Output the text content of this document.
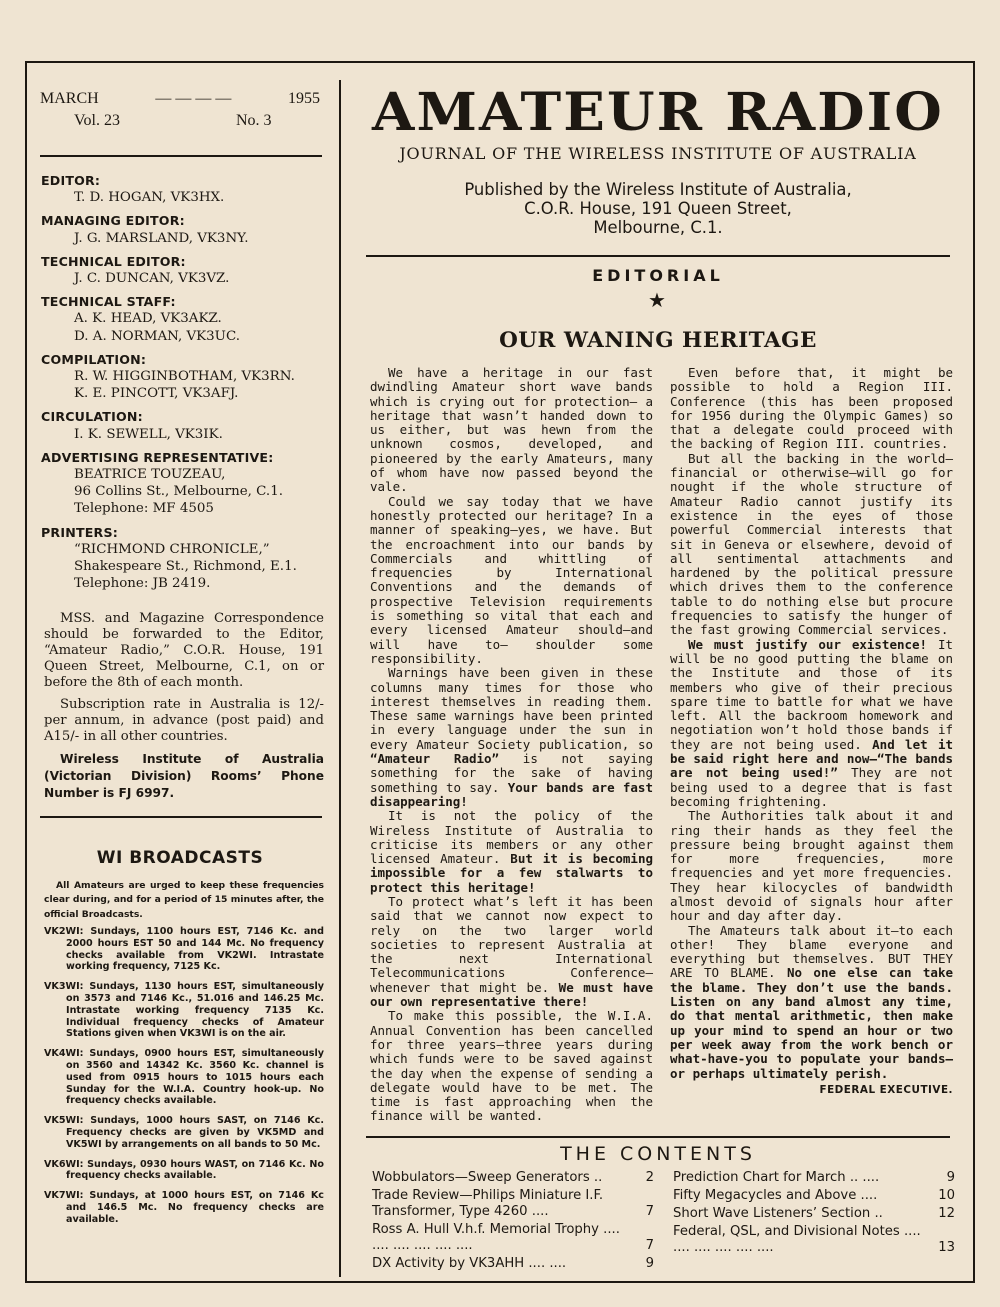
MARCH	— — — —	1955
Vol. 23	No. 3
EDITOR:
T. D. HOGAN, VK3HX.
MANAGING EDITOR:
J. G. MARSLAND, VK3NY.
TECHNICAL EDITOR:
J. C. DUNCAN, VK3VZ.
TECHNICAL STAFF:
A. K. HEAD, VK3AKZ.
D. A. NORMAN, VK3UC.
COMPILATION:
R. W. HIGGINBOTHAM, VK3RN.
K. E. PINCOTT, VK3AFJ.
CIRCULATION:
I. K. SEWELL, VK3IK.
ADVERTISING REPRESENTATIVE:
BEATRICE TOUZEAU,
96 Collins St., Melbourne, C.1.
Telephone: MF 4505
PRINTERS:
“RICHMOND CHRONICLE,”
Shakespeare St., Richmond, E.1.
Telephone: JB 2419.

MSS. and Magazine Correspondence should be forwarded to the Editor, “Amateur Radio,” C.O.R. House, 191 Queen Street, Melbourne, C.1, on or before the 8th of each month.

Subscription rate in Australia is 12/- per annum, in advance (post paid) and A15/- in all other countries.

Wireless Institute of Australia (Victorian Division) Rooms’ Phone Number is FJ 6997.

WI BROADCASTS
All Amateurs are urged to keep these frequencies clear during, and for a period of 15 minutes after, the official Broadcasts.
VK2WI: Sundays, 1100 hours EST, 7146 Kc. and 2000 hours EST 50 and 144 Mc. No frequency checks available from VK2WI. Intrastate working frequency, 7125 Kc.
VK3WI: Sundays, 1130 hours EST, simultaneously on 3573 and 7146 Kc., 51.016 and 146.25 Mc. Intrastate working frequency 7135 Kc. Individual frequency checks of Amateur Stations given when VK3WI is on the air.
VK4WI: Sundays, 0900 hours EST, simultaneously on 3560 and 14342 Kc. 3560 Kc. channel is used from 0915 hours to 1015 hours each Sunday for the W.I.A. Country hook-up. No frequency checks available.
VK5WI: Sundays, 1000 hours SAST, on 7146 Kc. Frequency checks are given by VK5MD and VK5WI by arrangements on all bands to 50 Mc.
VK6WI: Sundays, 0930 hours WAST, on 7146 Kc. No frequency checks available.
VK7WI: Sundays, at 1000 hours EST, on 7146 Kc and 146.5 Mc. No frequency checks are available.
AMATEUR RADIO
JOURNAL OF THE WIRELESS INSTITUTE OF AUSTRALIA
Published by the Wireless Institute of Australia,
C.O.R. House, 191 Queen Street,
Melbourne, C.1.
EDITORIAL
★
OUR WANING HERITAGE

We have a heritage in our fast dwindling Amateur short wave bands which is crying out for protection— a heritage that wasn’t handed down to us either, but was hewn from the unknown cosmos, developed, and pioneered by the early Amateurs, many of whom have now passed beyond the vale.

Could we say today that we have honestly protected our heritage? In a manner of speaking—yes, we have. But the encroachment into our bands by Commercials and whittling of frequencies by International Conventions and the demands of prospective Television requirements is something so vital that each and every licensed Amateur should—and will have to— shoulder some responsibility.

Warnings have been given in these columns many times for those who interest themselves in reading them. These same warnings have been printed in every language under the sun in every Amateur Society publication, so “Amateur Radio” is not saying something for the sake of having something to say. Your bands are fast disappearing!

It is not the policy of the Wireless Institute of Australia to criticise its members or any other licensed Amateur. But it is becoming impossible for a few stalwarts to protect this heritage!

To protect what’s left it has been said that we cannot now expect to rely on the two larger world societies to represent Australia at the next International Telecommunications Conference—whenever that might be. We must have our own representative there!

To make this possible, the W.I.A. Annual Convention has been cancelled for three years—three years during which funds were to be saved against the day when the expense of sending a delegate would have to be met. The time is fast approaching when the finance will be wanted.

Even before that, it might be possible to hold a Region III. Conference (this has been proposed for 1956 during the Olympic Games) so that a delegate could proceed with the backing of Region III. countries.

But all the backing in the world— financial or otherwise—will go for nought if the whole structure of Amateur Radio cannot justify its existence in the eyes of those powerful Commercial interests that sit in Geneva or elsewhere, devoid of all sentimental attachments and hardened by the political pressure which drives them to the conference table to do nothing else but procure frequencies to satisfy the hunger of the fast growing Commercial services.

We must justify our existence! It will be no good putting the blame on the Institute and those of its members who give of their precious spare time to battle for what we have left. All the backroom homework and negotiation won’t hold those bands if they are not being used. And let it be said right here and now—“The bands are not being used!” They are not being used to a degree that is fast becoming frightening.

The Authorities talk about it and ring their hands as they feel the pressure being brought against them for more frequencies, more frequencies and yet more frequencies. They hear kilocycles of bandwidth almost devoid of signals hour after hour and day after day.

The Amateurs talk about it—to each other! They blame everyone and everything but themselves. BUT THEY ARE TO BLAME. No one else can take the blame. They don’t use the bands. Listen on any band almost any time, do that mental arithmetic, then make up your mind to spend an hour or two per week away from the work bench or what-have-you to populate your bands—or perhaps ultimately perish.

FEDERAL EXECUTIVE.
THE CONTENTS
Wobbulators—Sweep Generators ..	2
Trade Review—Philips Miniature I.F. Transformer, Type 4260 ....	7
Ross A. Hull V.h.f. Memorial Trophy .... .... .... .... .... ....	7
DX Activity by VK3AHH .... ....	9
Prediction Chart for March .. ....	9
Fifty Megacycles and Above ....	10
Short Wave Listeners’ Section ..	12
Federal, QSL, and Divisional Notes .... .... .... .... .... ....	13
